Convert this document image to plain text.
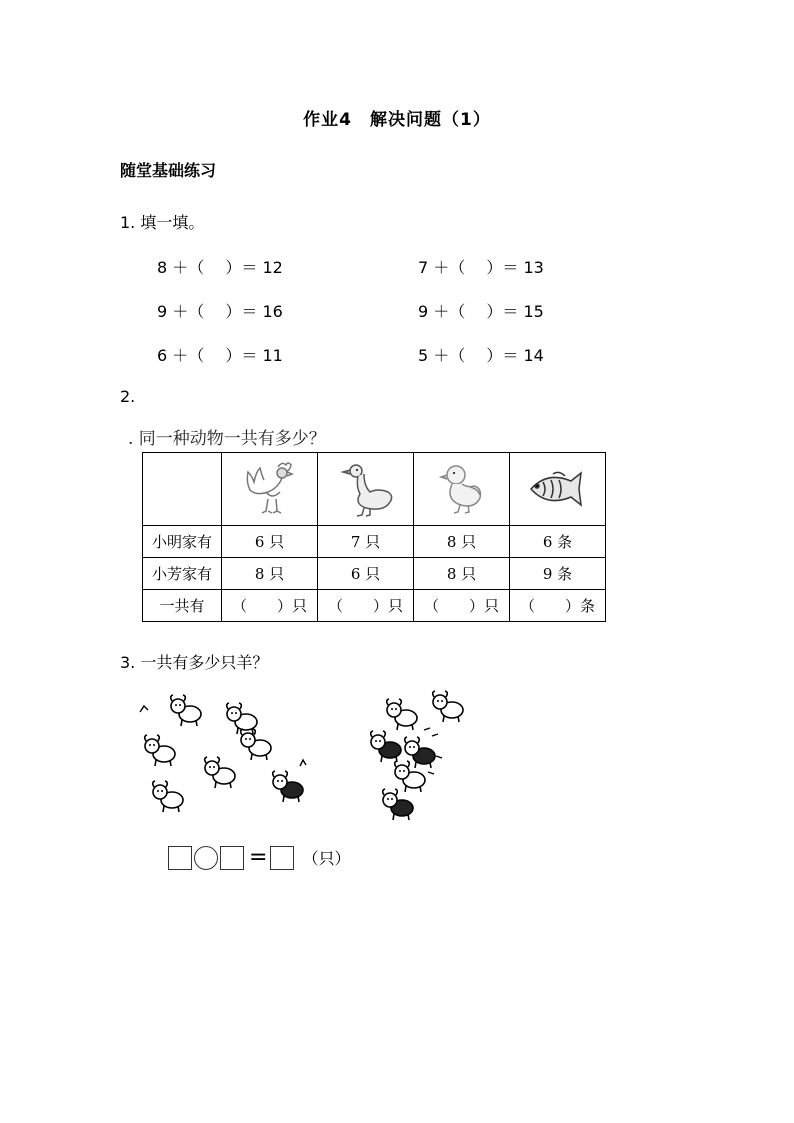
作业4　解决问题（1）
随堂基础练习
1. 填一填。
8 ＋（　 ）＝ 12	7 ＋（　 ）＝ 13
9 ＋（　 ）＝ 16	9 ＋（　 ）＝ 15
6 ＋（　 ）＝ 11	5 ＋（　 ）＝ 14
2.
. 同一种动物一共有多少？

小明家有	6 只	7 只	8 只	6 条
小芳家有	8 只	6 只	8 只	9 条
一共有	（　　）只	（　　）只	（　　）只	（　　）条
3. 一共有多少只羊？
= （只）
